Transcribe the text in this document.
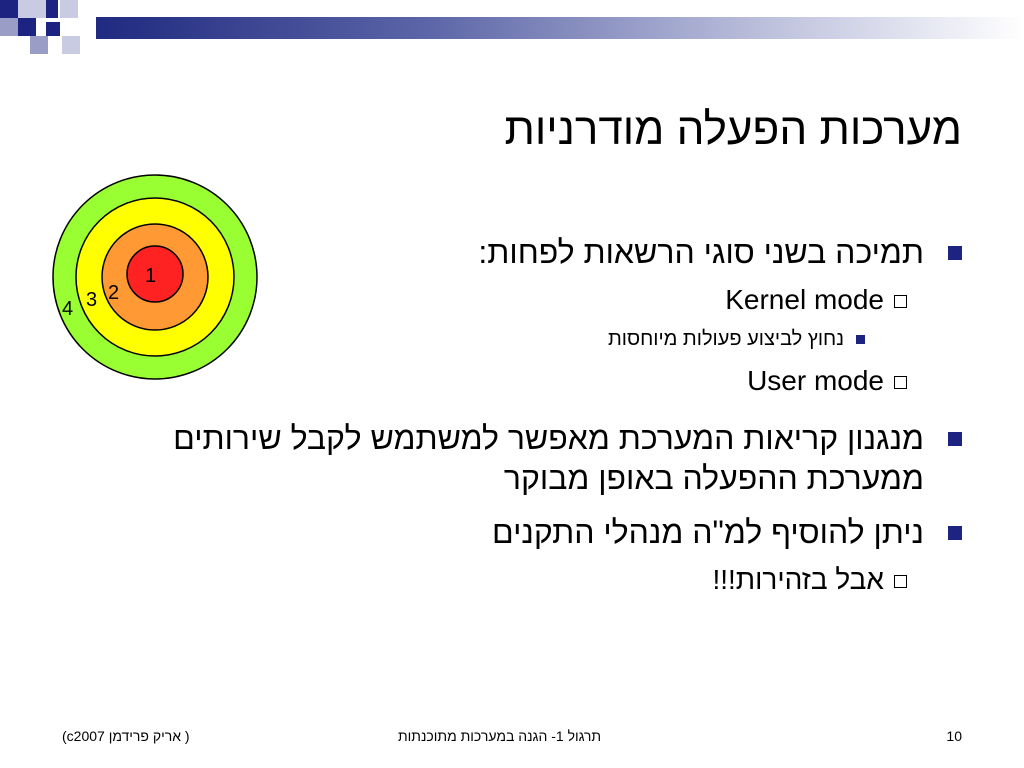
מערכות הפעלה מודרניות
1
2
3
4
תמיכה בשני סוגי הרשאות לפחות:
Kernel mode
נחוץ לביצוע פעולות מיוחסות
User mode
מנגנון קריאות המערכת מאפשר למשתמש לקבל שירותים ממערכת ההפעלה באופן מבוקר
ניתן להוסיף למ"ה מנהלי התקנים
אבל בזהירות!!!
(c2007 אריק פרידמן )	תרגול 1- הגנה במערכות מתוכנתות	10
